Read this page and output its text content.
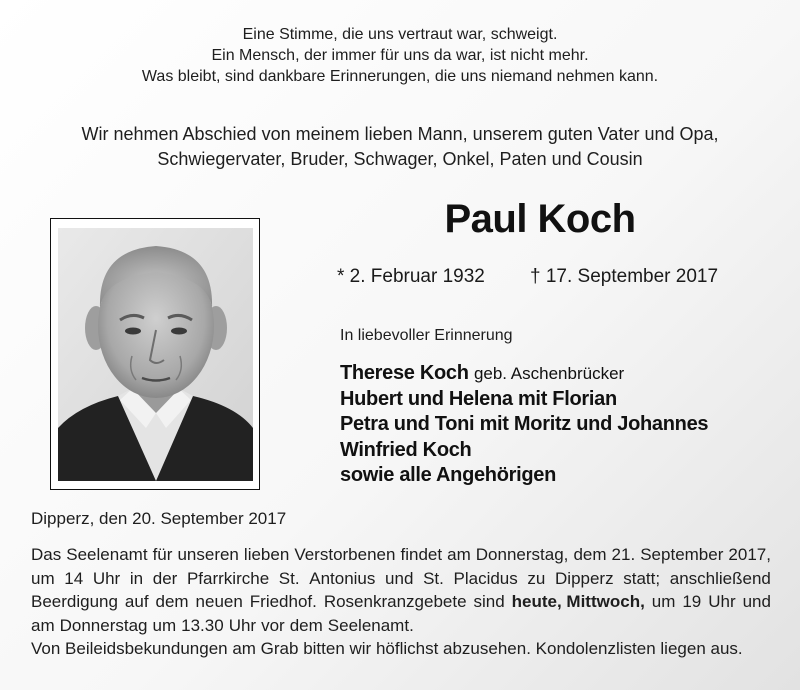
Eine Stimme, die uns vertraut war, schweigt.
Ein Mensch, der immer für uns da war, ist nicht mehr.
Was bleibt, sind dankbare Erinnerungen, die uns niemand nehmen kann.
Wir nehmen Abschied von meinem lieben Mann, unserem guten Vater und Opa,
Schwiegervater, Bruder, Schwager, Onkel, Paten und Cousin
Paul Koch
* 2. Februar 1932 † 17. September 2017
In liebevoller Erinnerung
Therese Koch geb. Aschenbrücker
Hubert und Helena mit Florian
Petra und Toni mit Moritz und Johannes
Winfried Koch
sowie alle Angehörigen
Dipperz, den 20. September 2017
Das Seelenamt für unseren lieben Verstorbenen findet am Donnerstag, dem 21. September 2017,
um 14 Uhr in der Pfarrkirche St. Antonius und St. Placidus zu Dipperz statt; anschließend
Beerdigung auf dem neuen Friedhof. Rosenkranzgebete sind heute, Mittwoch, um 19 Uhr und
am Donnerstag um 13.30 Uhr vor dem Seelenamt.
Von Beileidsbekundungen am Grab bitten wir höflichst abzusehen. Kondolenzlisten liegen aus.
